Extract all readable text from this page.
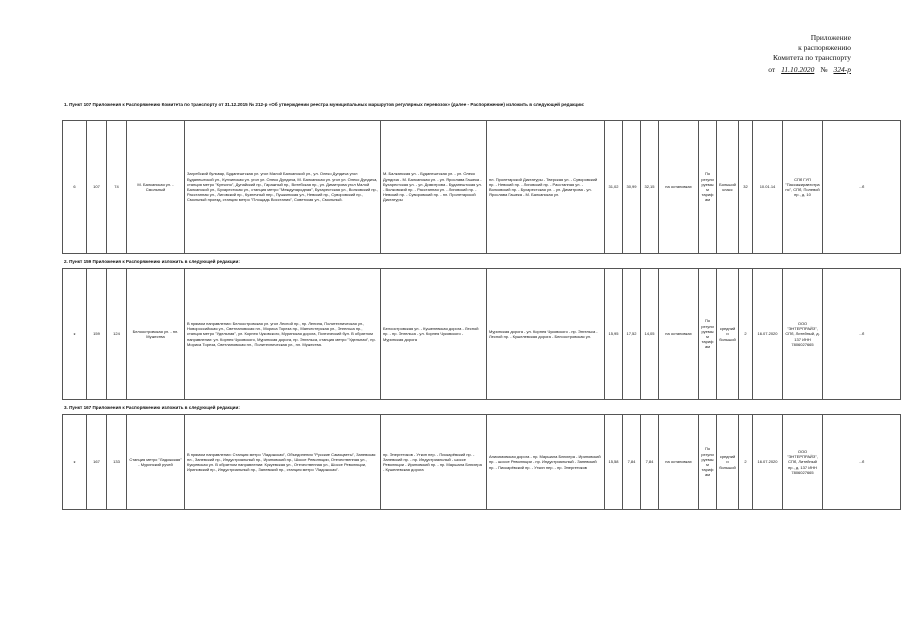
Приложение
к распоряжению
Комитета по транспорту
от 11.10.2020 № 324-р
1. Пункт 107 Приложения к Распоряжению Комитета по транспорту от 31.12.2015 № 212-р «Об утверждении реестра муниципальных маршрутов регулярных перевозок» (далее - Распоряжение) изложить в следующей редакции:
6	107	74	М. Балканская ул. - Смольный	Загребский бульвар, Будапештская ул. угол Малой Балканской ул., ул. Олеко Дундича угол Будапештской ул., Купчинская ул. угол ул. Олеко Дундича, М. Балканская ул. угол ул. Олеко Дундича, станция метро "Купчино", Дунайский пр., Гаражный пр., Витебская пр., ул. Димитрова угол Малой Балканской ул., Бухарестская ул., станция метро "Международная", Бухарестская ул., Волковский пр., Расстанная ул., Лиговский пр., Кузнечный пер., Пушкинская ул., Невский пр., Суворовский пр., Смольный проезд, станция метро "Площадь Восстания", Советская ул., Смольный.	М. Балканская ул. - Будапештская ул. - ул. Олеко Дундича - М. Балканская ул. - ул. Ярослава Гашека - Бухарестская ул. - ул. Димитрова - Будапештская ул. - Волковский пр. - Расстанная ул. - Лиговский пр. - Невский пр. - Суворовский пр. - пл. Пролетарской Диктатуры	пл. Пролетарской Диктатуры - Тверская ул. - Суворовский пр. - Невский пр. - Лиговский пр. - Расстанная ул. - Волковский пр. - Бухарестская ул. - ул. Димитрова - ул. Ярослава Гашека - М. Балканская ул.	31,02	30,99	32,15	на остановках	По регулируемым тарифам	Большой класс	32	10.01.14	СПб ГУП "Пассажиравтотранс", СПб, Полевой пр., д. 10	...б
2. Пункт 159 Приложения к Распоряжению изложить в следующей редакции:
к	159	124	Белоостровская ул. - пл. Мужества	В прямом направлении: Белоостровская ул. угол Лесной пр., пр. Ленина, Политехническая ул., Новороссийская ул., Светлановская пл., Мориса Тореза пр., Манчестерская ул., Энгельса пр., станция метро "Удельная", ул. Корнея Чуковского, Муринская дорога, Поэтический бул. В обратном направлении: ул. Корнея Чуковского, Муринская дорога, пр. Энгельса, станция метро "Удельная", пр. Мориса Тореза, Светлановская пл., Политехническая ул., пл. Мужества.	Белоостровская ул. - Кушелевская дорога - Лесной пр. - пр. Энгельса - ул. Корнея Чуковского - Муринская дорога	Муринская дорога - ул. Корнея Чуковского - пр. Энгельса - Лесной пр. - Кушелевская дорога - Белоостровская ул.	15,95	17,52	14,05	на остановках	По регулируемым тарифам	средний и большой	2	16.07.2020	ООО "ЭНТЕРПРАЙЗ", СПб, Литейный, д. 137 ИНН 7806027665	...б
3. Пункт 167 Приложения к Распоряжению изложить в следующей редакции:
к	167	133	Станция метро "Ладожская" - Муринский ручей	В прямом направлении: Станция метро "Ладожская", Объединения "Русские Самоцветы", Заневская пл., Заневский пр., Индустриальный пр., Ириновский пр., Шоссе Революции, Отечественная ул., Кукуевская ул. В обратном направлении: Кукуевская ул., Отечественная ул., Шоссе Революции, Ириновский пр., Индустриальный пр., Заневский пр., станция метро "Ладожская".	пр. Энергетиков - Уткин пер. - Пискарёвский пр. - Заневский пр. - пр. Индустриальный - шоссе Революции - Ириновский пр. - пр. Маршала Блюхера - Кушелевская дорога	Анисимовская дорога - пр. Маршала Блюхера - Ириновский пр. - шоссе Революции - пр. Индустриальный - Заневский пр. - Пискарёвский пр. - Уткин пер. - пр. Энергетиков	15,58	7,84	7,84	на остановках	По регулируемым тарифам	средний и большой	2	16.07.2020	ООО "ЭНТЕРПРАЙЗ", СПб, Литейный пр., д. 137 ИНН 7806027665	...б
